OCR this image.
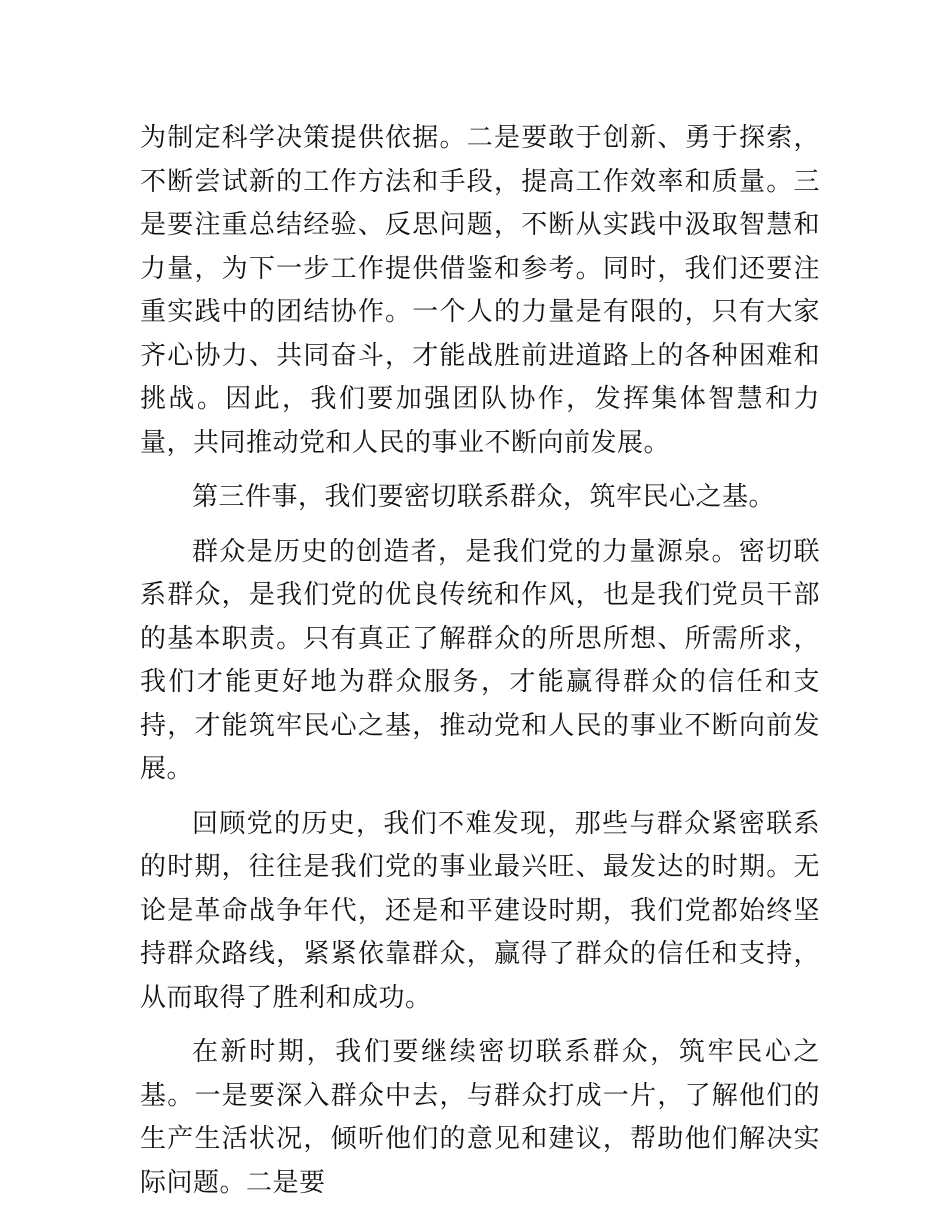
为制定科学决策提供依据。二是要敢于创新、勇于探索，不断尝试新的工作方法和手段，提高工作效率和质量。三是要注重总结经验、反思问题，不断从实践中汲取智慧和力量，为下一步工作提供借鉴和参考。同时，我们还要注重实践中的团结协作。一个人的力量是有限的，只有大家齐心协力、共同奋斗，才能战胜前进道路上的各种困难和挑战。因此，我们要加强团队协作，发挥集体智慧和力量，共同推动党和人民的事业不断向前发展。

第三件事，我们要密切联系群众，筑牢民心之基。

群众是历史的创造者，是我们党的力量源泉。密切联系群众，是我们党的优良传统和作风，也是我们党员干部的基本职责。只有真正了解群众的所思所想、所需所求，我们才能更好地为群众服务，才能赢得群众的信任和支持，才能筑牢民心之基，推动党和人民的事业不断向前发展。

回顾党的历史，我们不难发现，那些与群众紧密联系的时期，往往是我们党的事业最兴旺、最发达的时期。无论是革命战争年代，还是和平建设时期，我们党都始终坚持群众路线，紧紧依靠群众，赢得了群众的信任和支持，从而取得了胜利和成功。

在新时期，我们要继续密切联系群众，筑牢民心之基。一是要深入群众中去，与群众打成一片，了解他们的生产生活状况，倾听他们的意见和建议，帮助他们解决实际问题。二是要
